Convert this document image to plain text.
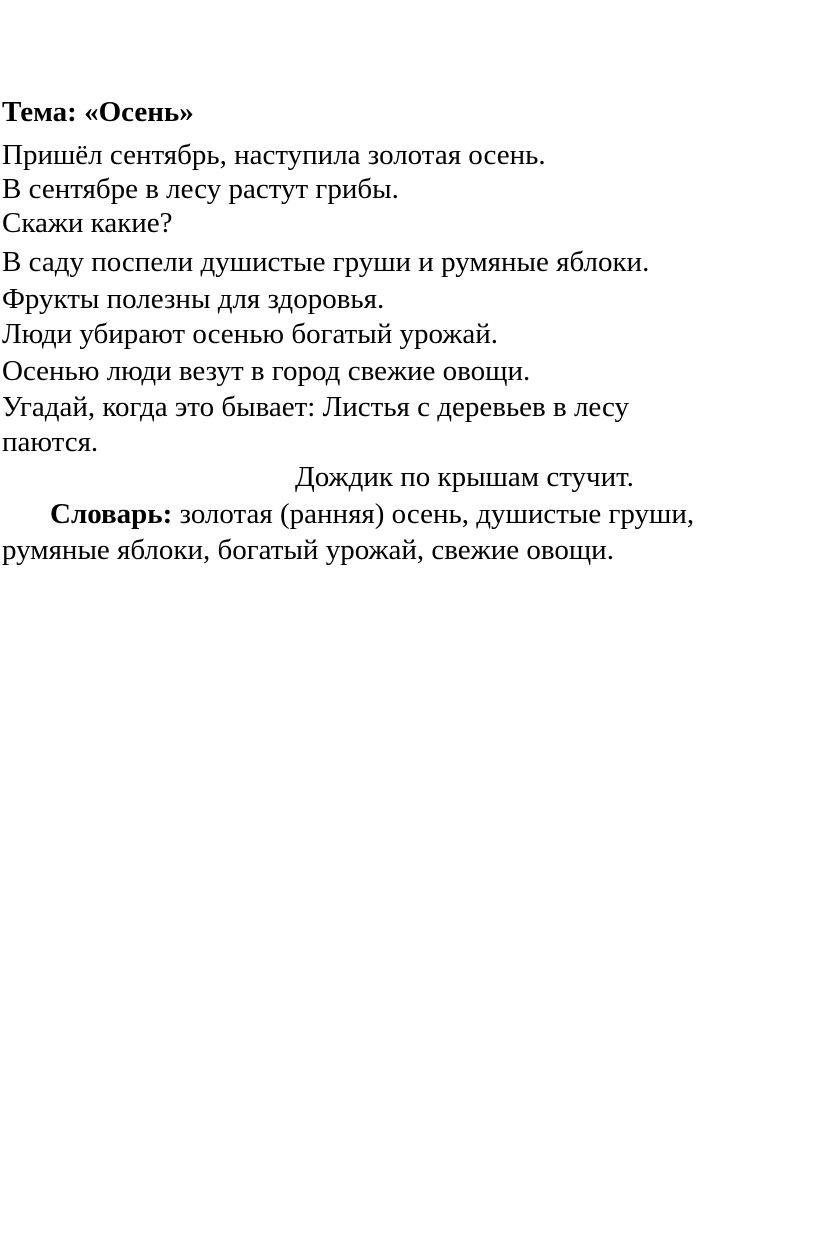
Тема: «Осень»
Пришёл сентябрь, наступила золотая осень.
В сентябре в лесу растут грибы.
Скажи какие?
В саду поспели душистые груши и румяные яблоки.
Фрукты полезны для здоровья.
Люди убирают осенью богатый урожай.
Осенью люди везут в город свежие овощи.
Угадай, когда это бывает: Листья с деревьев в лесу
паются.
Дождик по крышам стучит.
Словарь: золотая (ранняя) осень, душистые груши,
румяные яблоки, богатый урожай, свежие овощи.
